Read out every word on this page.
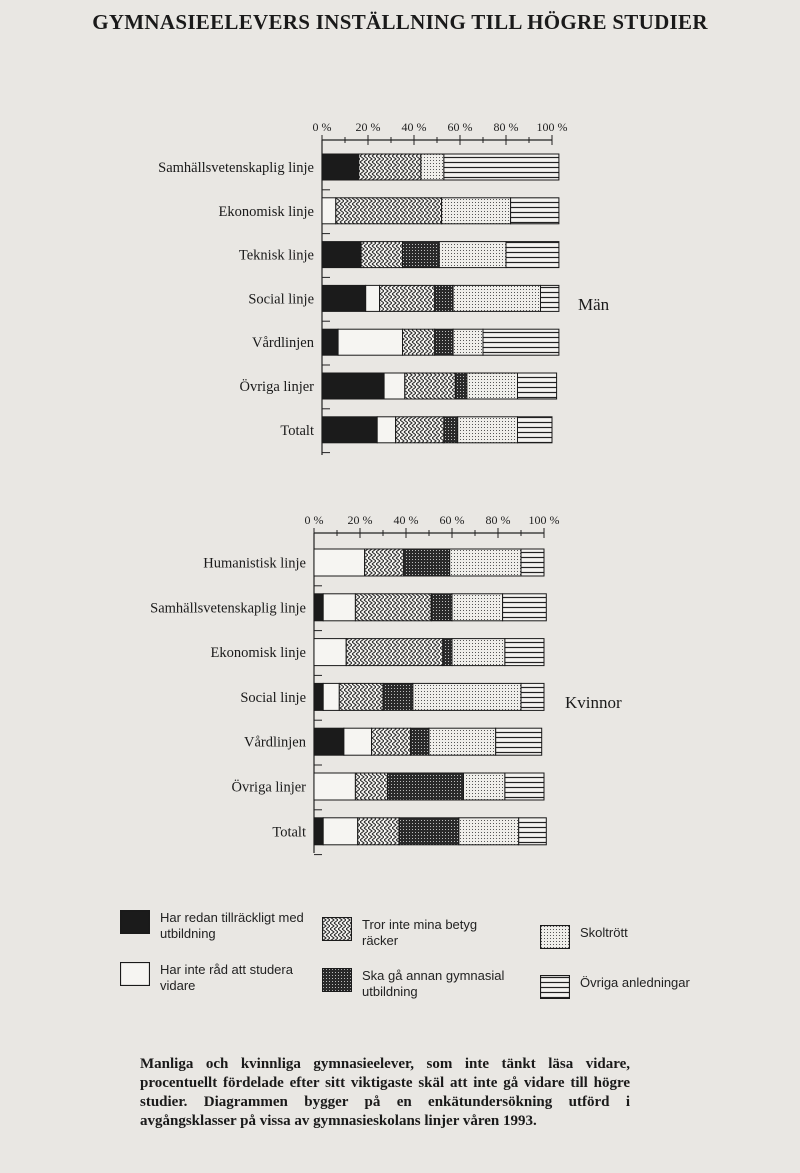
GYMNASIEELEVERS INSTÄLLNING TILL HÖGRE STUDIER
0 % 20 % 40 % 60 % 80 % 100 %
Samhällsvetenskaplig linje
Ekonomisk linje
Teknisk linje
Social linje
Vårdlinjen
Övriga linjer
Totalt
Män
0 % 20 % 40 % 60 % 80 % 100 %
Humanistisk linje
Samhällsvetenskaplig linje
Ekonomisk linje
Social linje
Vårdlinjen
Övriga linjer
Totalt
Kvinnor
Har redan tillräckligt med utbildning
Tror inte mina betyg räcker
Skoltrött
Har inte råd att studera vidare
Ska gå annan gymnasial utbildning
Övriga anledningar
Manliga och kvinnliga gymnasieelever, som inte tänkt läsa vidare, procentuellt fördelade efter sitt viktigaste skäl att inte gå vidare till högre studier. Diagrammen bygger på en enkätundersökning utförd i avgångsklasser på vissa av gymnasieskolans linjer våren 1993.
